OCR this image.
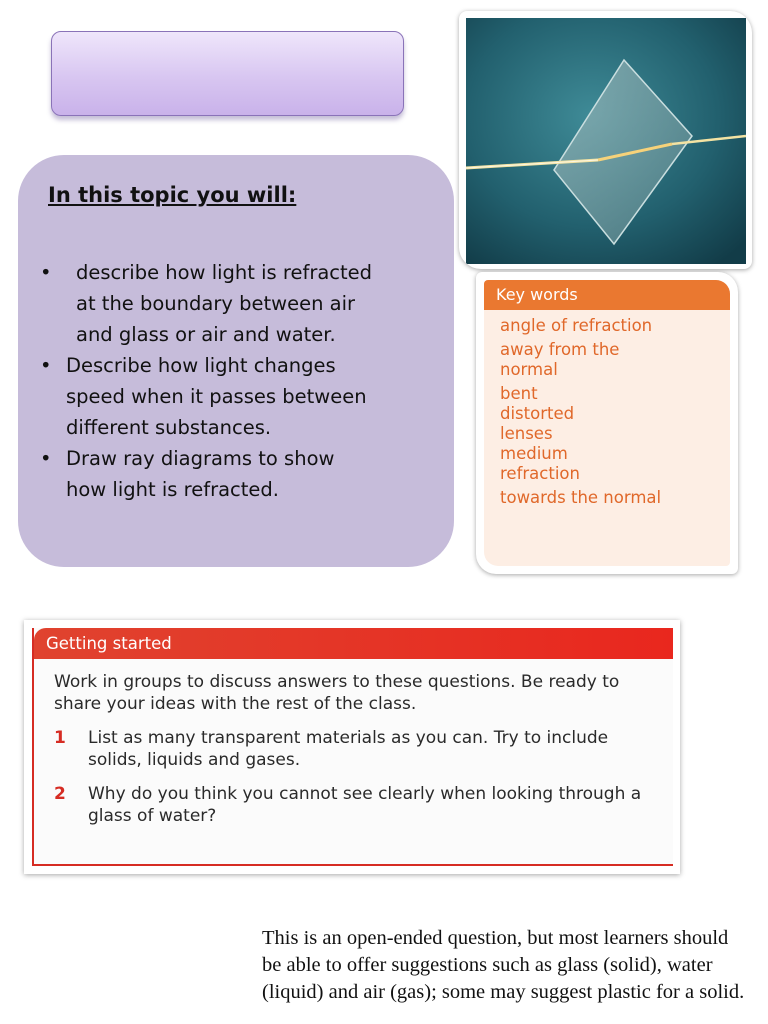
In this topic you will:
• describe how light is refracted
at the boundary between air
and glass or air and water.
• Describe how light changes
speed when it passes between
different substances.
• Draw ray diagrams to show
how light is refracted.
Key words
angle of refraction
away from the normal
bent
distorted
lenses
medium
refraction
towards the normal
Getting started

Work in groups to discuss answers to these questions. Be ready to share your ideas with the rest of the class.

1 List as many transparent materials as you can. Try to include solids, liquids and gases.
2 Why do you think you cannot see clearly when looking through a glass of water?

This is an open-ended question, but most learners should be able to offer suggestions such as glass (solid), water (liquid) and air (gas); some may suggest plastic for a solid.
